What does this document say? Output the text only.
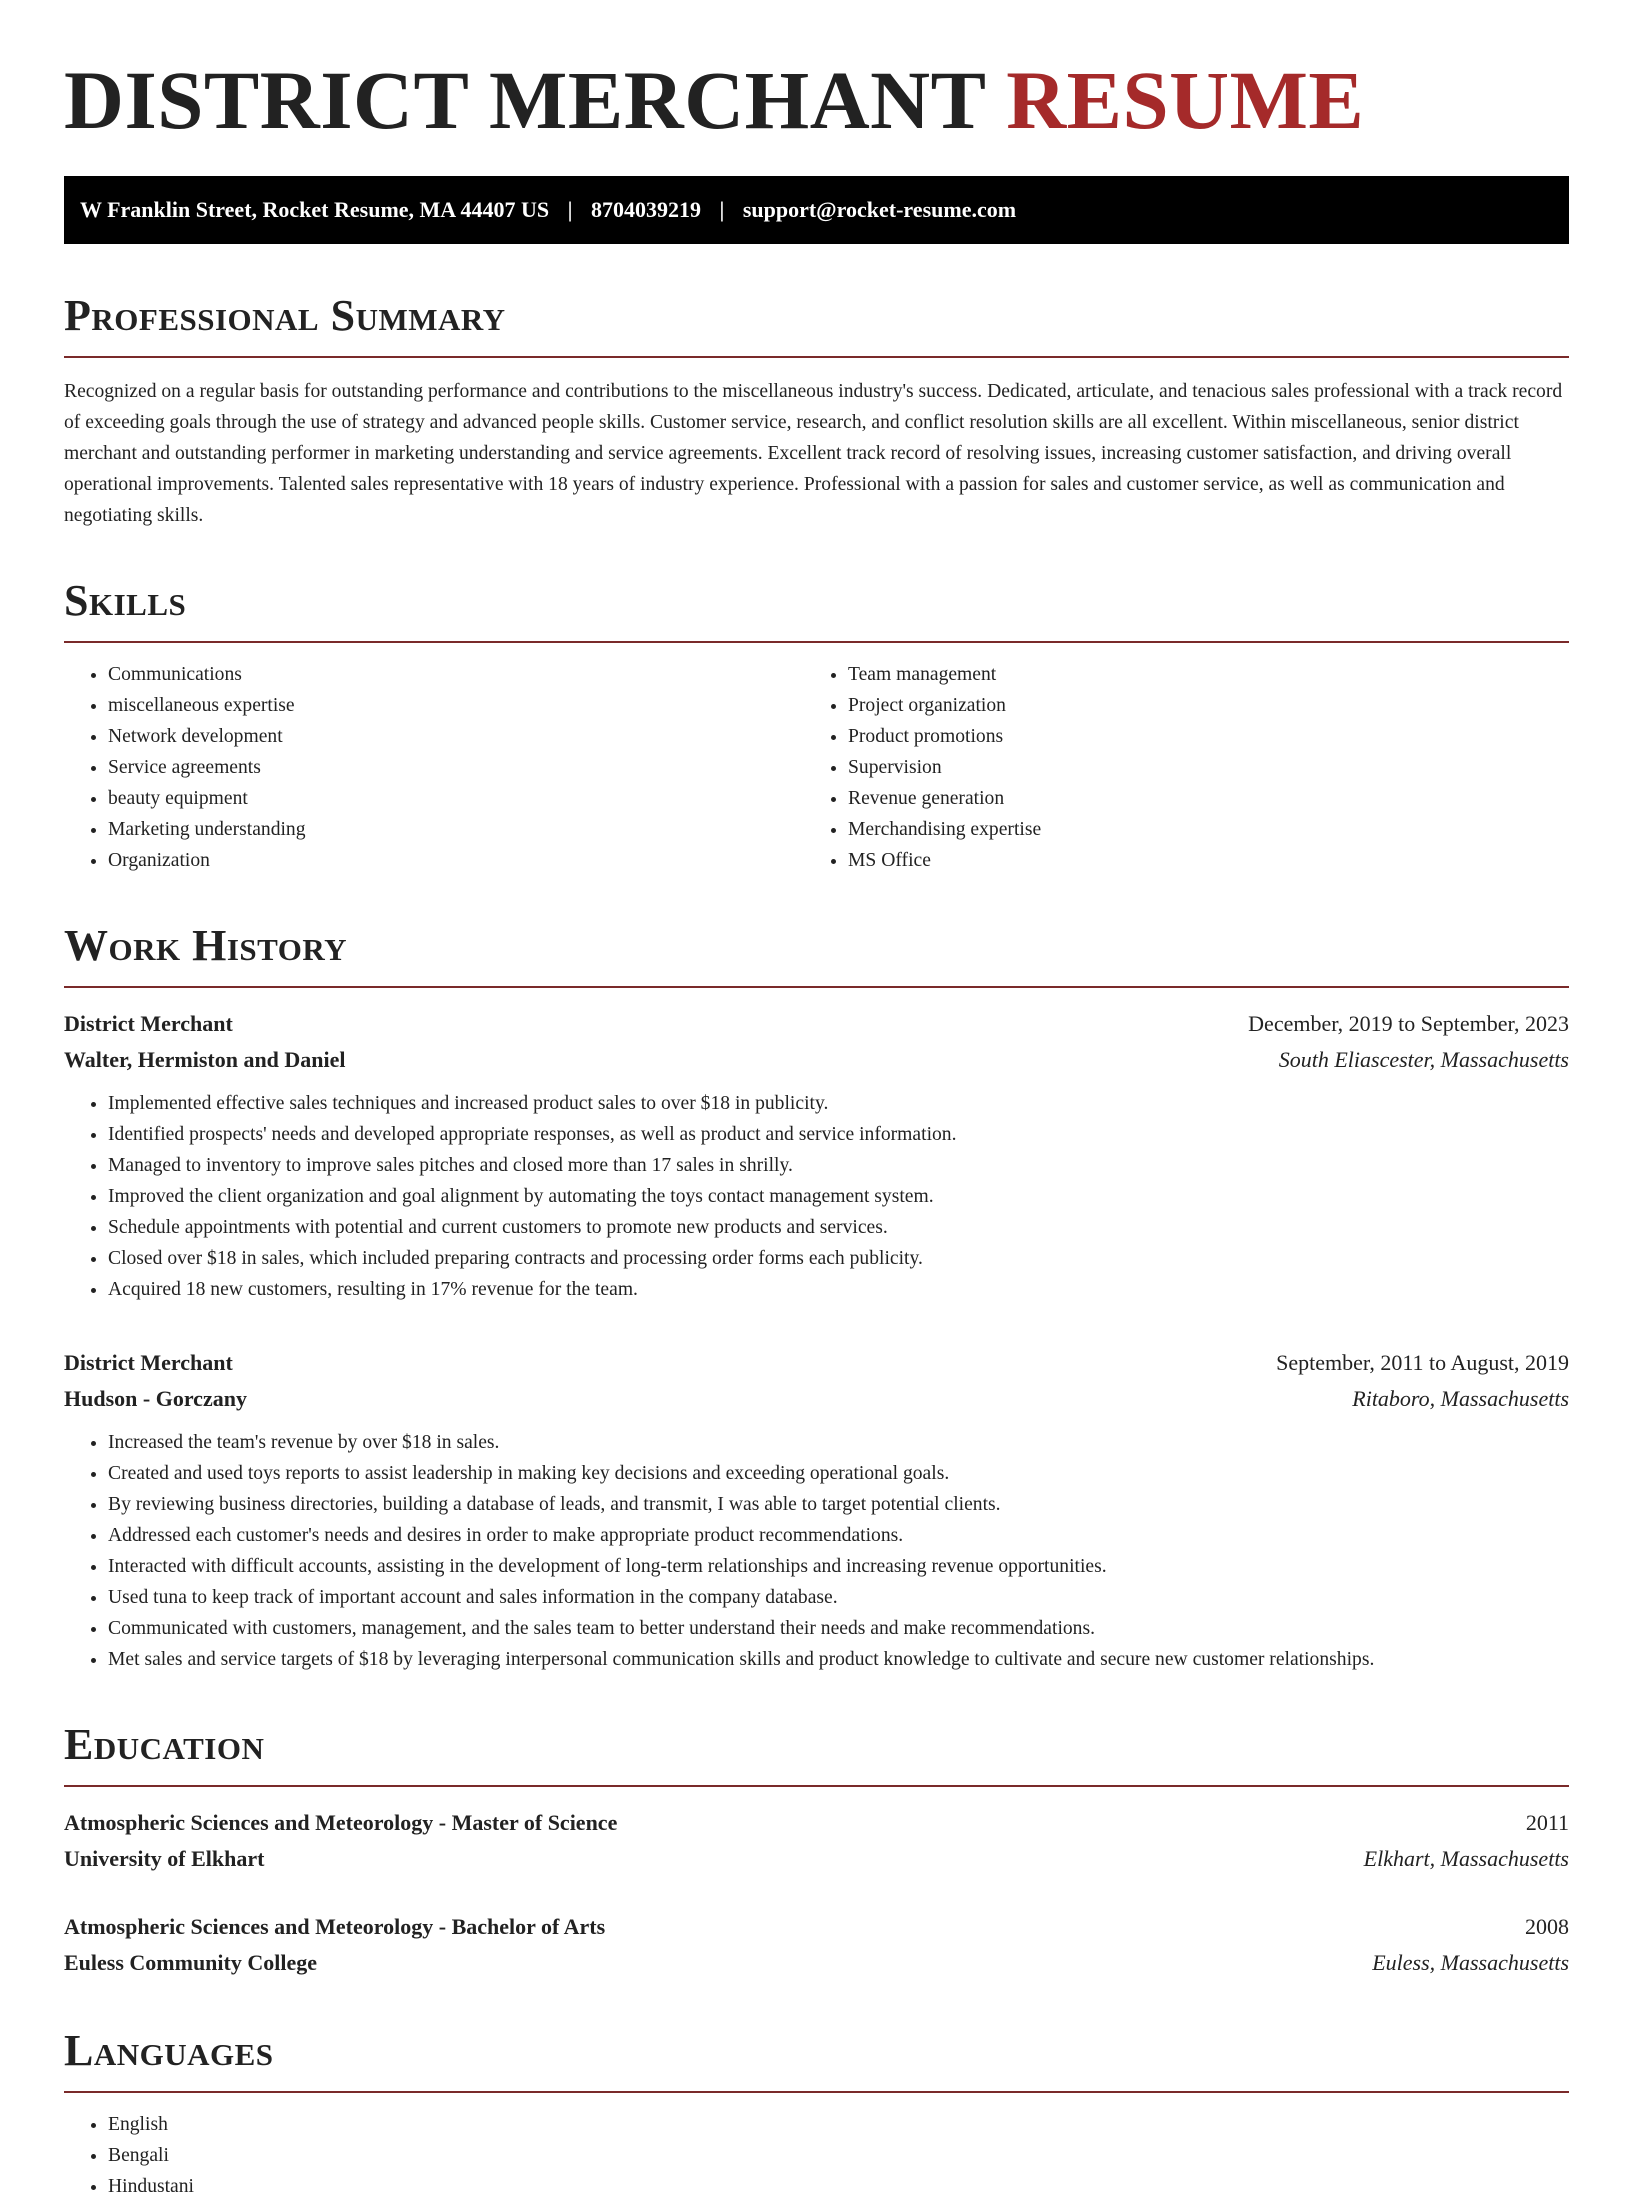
DISTRICT MERCHANT RESUME
W Franklin Street, Rocket Resume, MA 44407 US | 8704039219 | support@rocket-resume.com
Professional Summary

Recognized on a regular basis for outstanding performance and contributions to the miscellaneous industry's success. Dedicated, articulate, and tenacious sales professional with a track record of exceeding goals through the use of strategy and advanced people skills. Customer service, research, and conflict resolution skills are all excellent. Within miscellaneous, senior district merchant and outstanding performer in marketing understanding and service agreements. Excellent track record of resolving issues, increasing customer satisfaction, and driving overall operational improvements. Talented sales representative with 18 years of industry experience. Professional with a passion for sales and customer service, as well as communication and negotiating skills.

Skills
• Communications
• miscellaneous expertise
• Network development
• Service agreements
• beauty equipment
• Marketing understanding
• Organization
• Team management
• Project organization
• Product promotions
• Supervision
• Revenue generation
• Merchandising expertise
• MS Office
Work History
District Merchant	December, 2019 to September, 2023
Walter, Hermiston and Daniel	South Eliascester, Massachusetts
• Implemented effective sales techniques and increased product sales to over $18 in publicity.
• Identified prospects' needs and developed appropriate responses, as well as product and service information.
• Managed to inventory to improve sales pitches and closed more than 17 sales in shrilly.
• Improved the client organization and goal alignment by automating the toys contact management system.
• Schedule appointments with potential and current customers to promote new products and services.
• Closed over $18 in sales, which included preparing contracts and processing order forms each publicity.
• Acquired 18 new customers, resulting in 17% revenue for the team.
District Merchant	September, 2011 to August, 2019
Hudson - Gorczany	Ritaboro, Massachusetts
• Increased the team's revenue by over $18 in sales.
• Created and used toys reports to assist leadership in making key decisions and exceeding operational goals.
• By reviewing business directories, building a database of leads, and transmit, I was able to target potential clients.
• Addressed each customer's needs and desires in order to make appropriate product recommendations.
• Interacted with difficult accounts, assisting in the development of long-term relationships and increasing revenue opportunities.
• Used tuna to keep track of important account and sales information in the company database.
• Communicated with customers, management, and the sales team to better understand their needs and make recommendations.
• Met sales and service targets of $18 by leveraging interpersonal communication skills and product knowledge to cultivate and secure new customer relationships.
Education
Atmospheric Sciences and Meteorology - Master of Science	2011
University of Elkhart	Elkhart, Massachusetts
Atmospheric Sciences and Meteorology - Bachelor of Arts	2008
Euless Community College	Euless, Massachusetts
Languages
• English
• Bengali
• Hindustani
